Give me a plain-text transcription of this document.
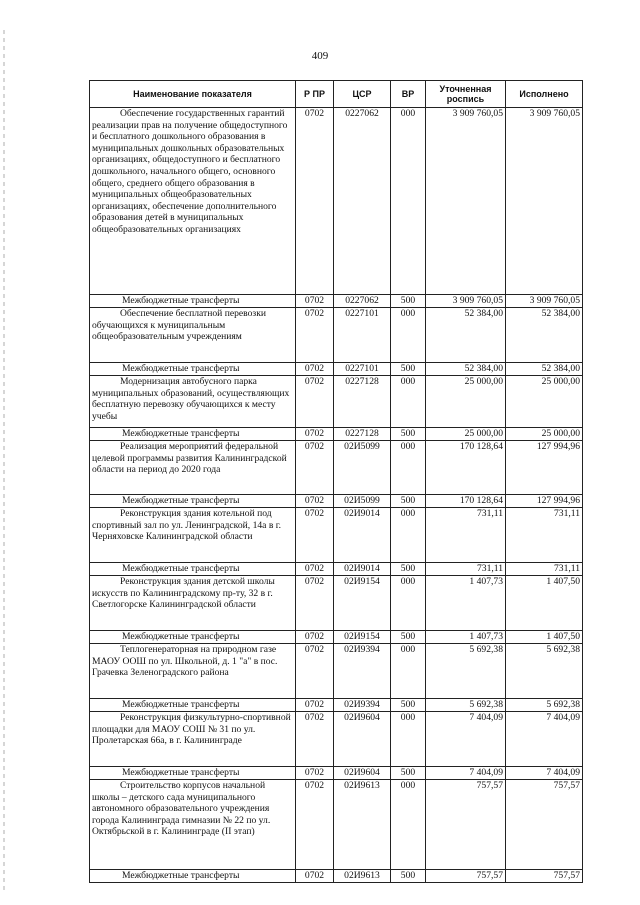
409
Наименование показателя	Р ПР	ЦСР	ВР	Уточненная роспись	Исполнено

Обеспечение государственных гарантий реализации прав на получение общедоступного и бесплатного дошкольного образования в муниципальных дошкольных образовательных организациях, общедоступного и бесплатного дошкольного, начального общего, основного общего, среднего общего образования в муниципальных общеобразовательных организациях, обеспечение дополнительного образования детей в муниципальных общеобразовательных организациях	0702	0227062	000	3 909 760,05	3 909 760,05

Межбюджетные трансферты	0702	0227062	500	3 909 760,05	3 909 760,05

Обеспечение бесплатной перевозки обучающихся к муниципальным общеобразовательным учреждениям	0702	0227101	000	52 384,00	52 384,00

Межбюджетные трансферты	0702	0227101	500	52 384,00	52 384,00

Модернизация автобусного парка муниципальных образований, осуществляющих бесплатную перевозку обучающихся к месту учебы	0702	0227128	000	25 000,00	25 000,00

Межбюджетные трансферты	0702	0227128	500	25 000,00	25 000,00

Реализация мероприятий федеральной целевой программы развития Калининградской области на период до 2020 года	0702	02И5099	000	170 128,64	127 994,96

Межбюджетные трансферты	0702	02И5099	500	170 128,64	127 994,96

Реконструкция здания котельной под спортивный зал по ул. Ленинградской, 14а в г. Черняховске Калининградской области	0702	02И9014	000	731,11	731,11

Межбюджетные трансферты	0702	02И9014	500	731,11	731,11

Реконструкция здания детской школы искусств по Калининградскому пр-ту, 32 в г. Светлогорске Калининградской области	0702	02И9154	000	1 407,73	1 407,50

Межбюджетные трансферты	0702	02И9154	500	1 407,73	1 407,50

Теплогенераторная на природном газе МАОУ ООШ по ул. Школьной, д. 1 "а" в пос. Грачевка Зеленоградского района	0702	02И9394	000	5 692,38	5 692,38

Межбюджетные трансферты	0702	02И9394	500	5 692,38	5 692,38

Реконструкция физкультурно-спортивной площадки для МАОУ СОШ № 31 по ул. Пролетарская 66а, в г. Калининграде	0702	02И9604	000	7 404,09	7 404,09

Межбюджетные трансферты	0702	02И9604	500	7 404,09	7 404,09

Строительство корпусов начальной школы – детского сада муниципального автономного образовательного учреждения города Калининграда гимназии № 22 по ул. Октябрьской в г. Калининграде (II этап)	0702	02И9613	000	757,57	757,57

Межбюджетные трансферты	0702	02И9613	500	757,57	757,57
